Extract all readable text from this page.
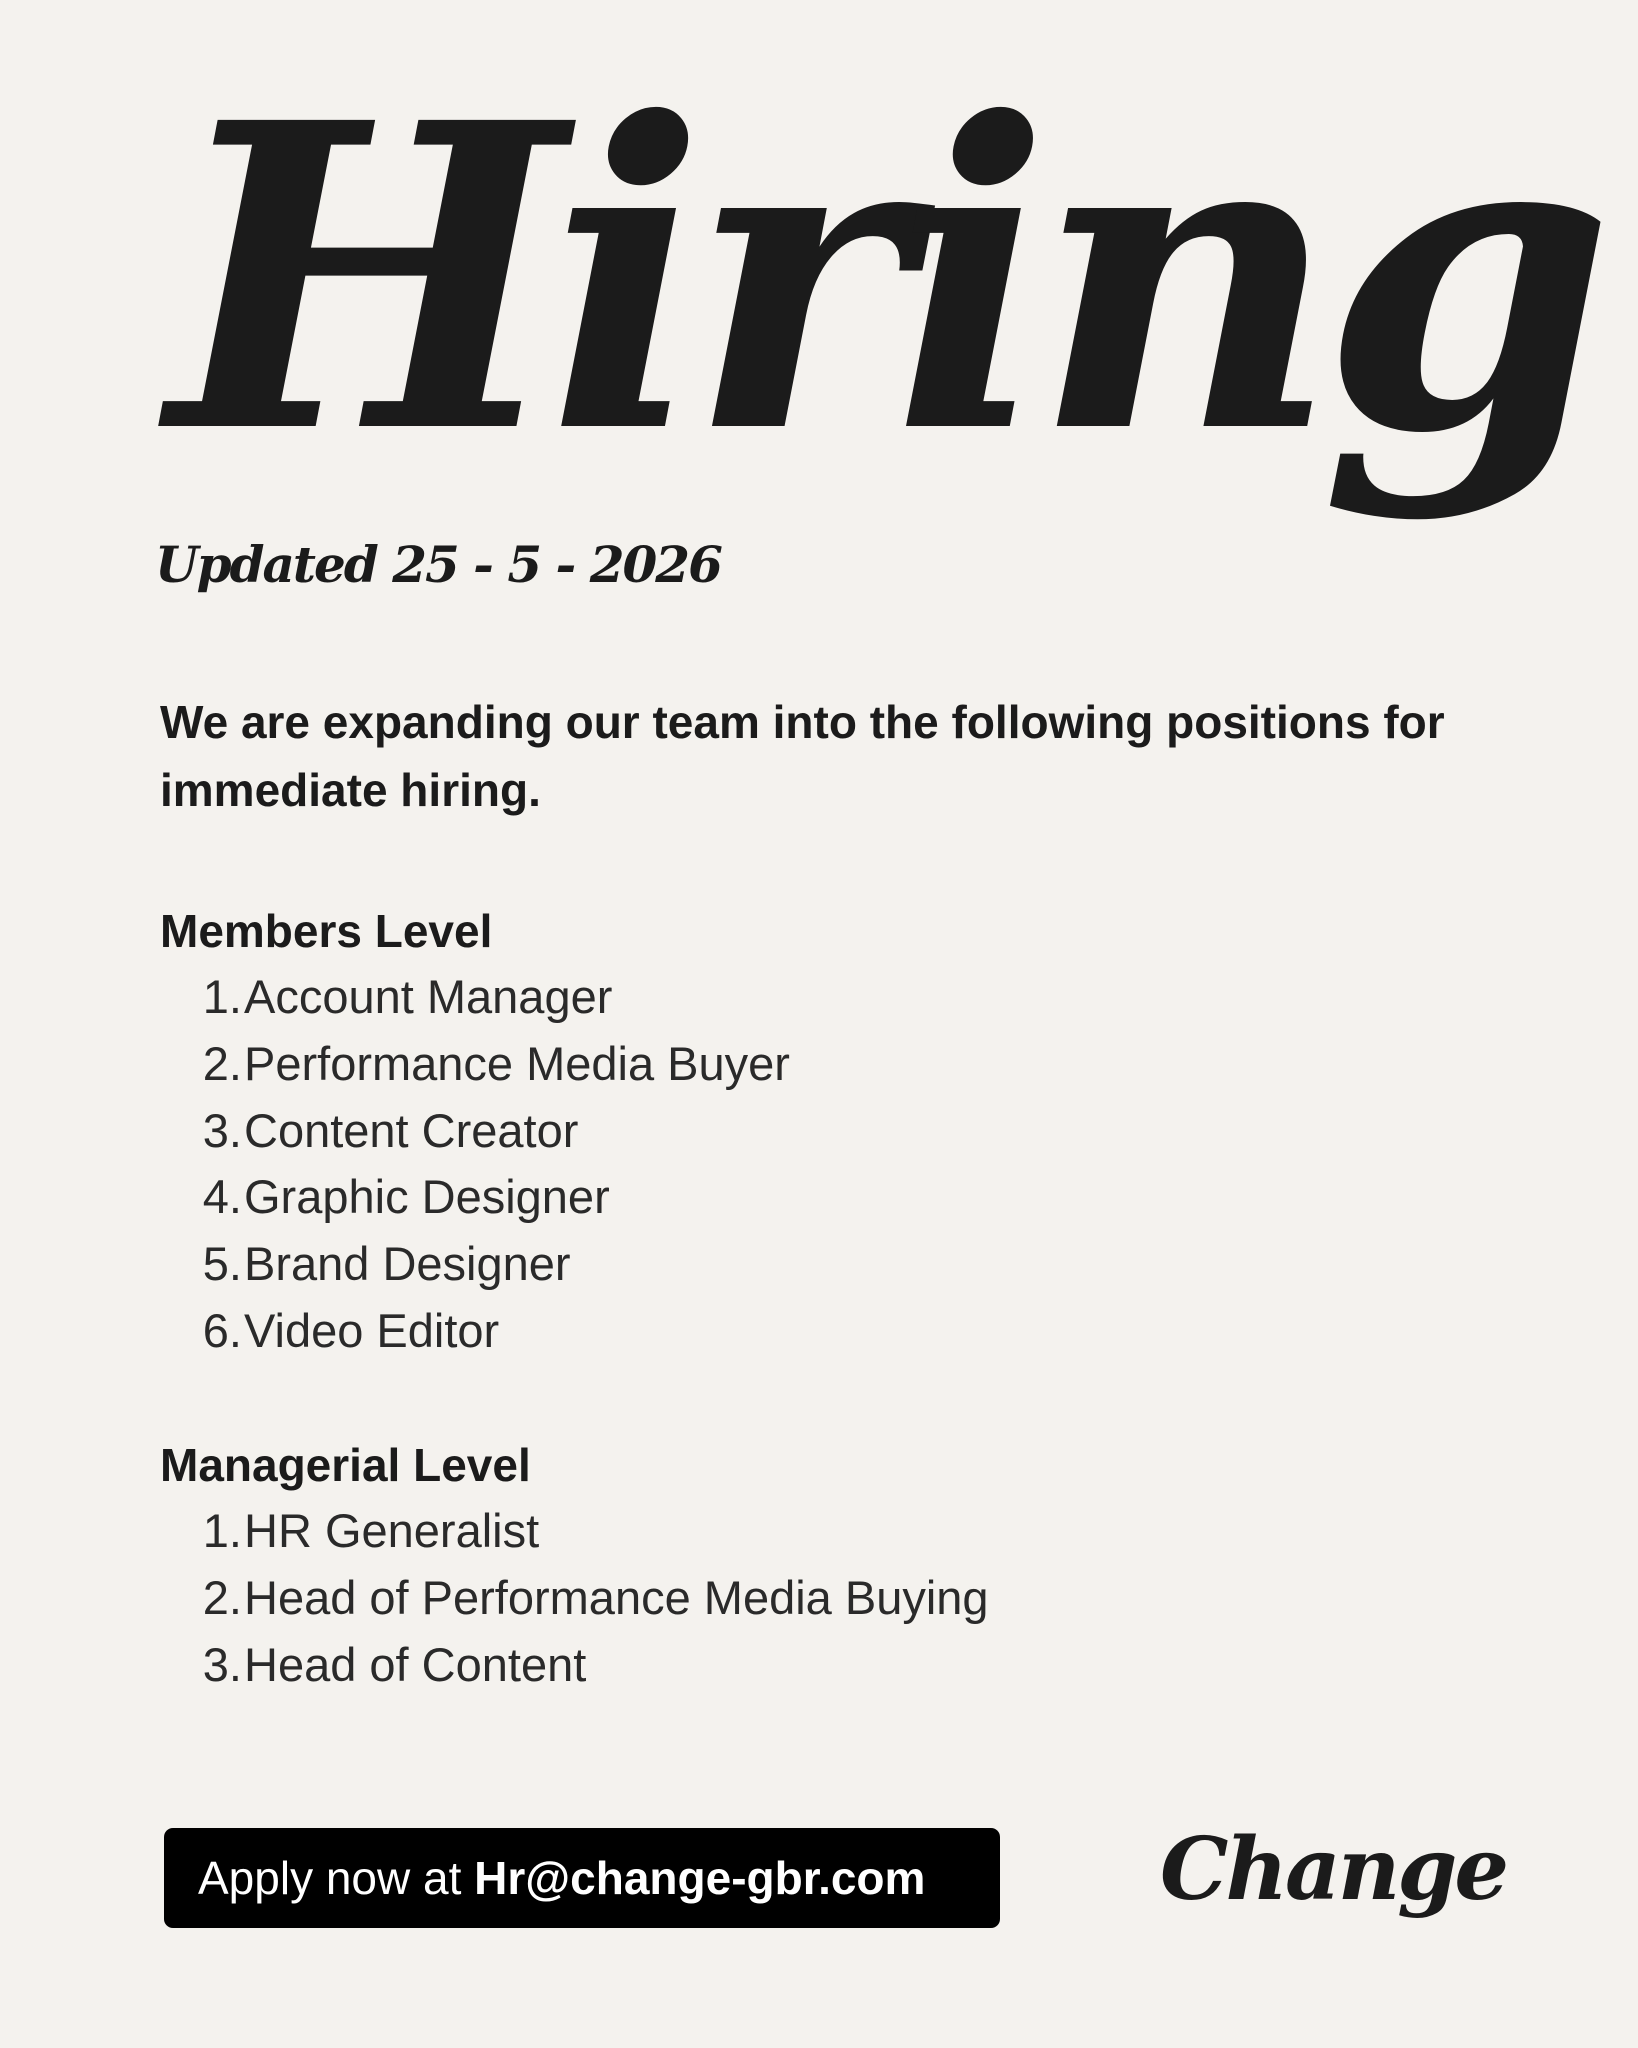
Hiring
Updated 25 - 5 - 2026

We are expanding our team into the following positions for immediate hiring.

Members Level
1. Account Manager
2. Performance Media Buyer
3. Content Creator
4. Graphic Designer
5. Brand Designer
6. Video Editor
Managerial Level
1. HR Generalist
2. Head of Performance Media Buying
3. Head of Content
Apply now at
Hr@change-gbr.com	Change
